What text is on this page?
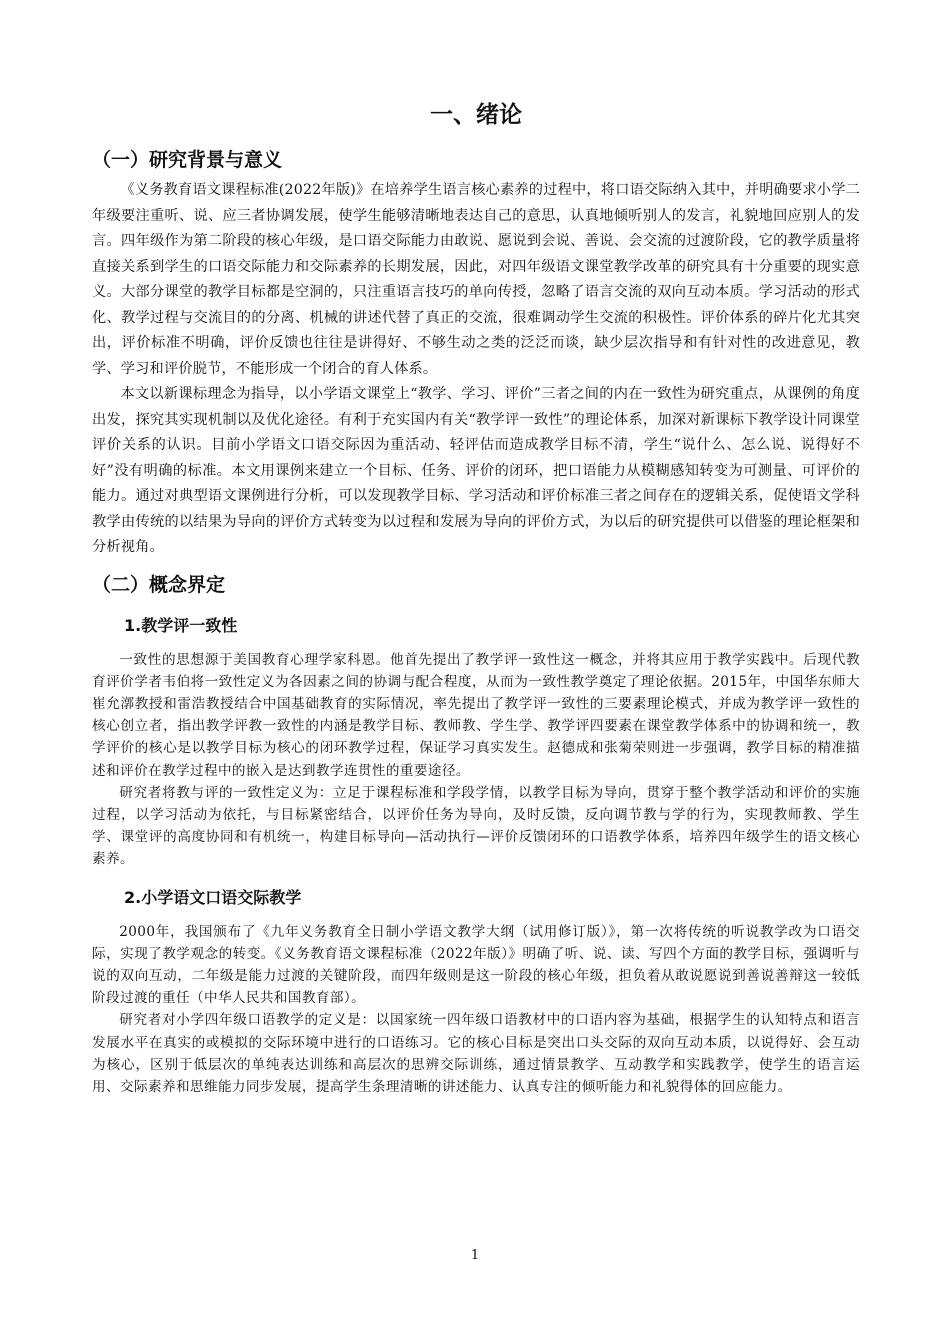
一、绪论
（一）研究背景与意义

《义务教育语文课程标准(2022年版)》在培养学生语言核心素养的过程中，将口语交际纳入其中，并明确要求小学二年级要注重听、说、应三者协调发展，使学生能够清晰地表达自己的意思，认真地倾听别人的发言，礼貌地回应别人的发言。四年级作为第二阶段的核心年级，是口语交际能力由敢说、愿说到会说、善说、会交流的过渡阶段，它的教学质量将直接关系到学生的口语交际能力和交际素养的长期发展，因此，对四年级语文课堂教学改革的研究具有十分重要的现实意义。大部分课堂的教学目标都是空洞的，只注重语言技巧的单向传授，忽略了语言交流的双向互动本质。学习活动的形式化、教学过程与交流目的的分离、机械的讲述代替了真正的交流，很难调动学生交流的积极性。评价体系的碎片化尤其突出，评价标准不明确，评价反馈也往往是讲得好、不够生动之类的泛泛而谈，缺少层次指导和有针对性的改进意见，教学、学习和评价脱节，不能形成一个闭合的育人体系。

本文以新课标理念为指导，以小学语文课堂上“教学、学习、评价”三者之间的内在一致性为研究重点，从课例的角度出发，探究其实现机制以及优化途径。有利于充实国内有关“教学评一致性”的理论体系，加深对新课标下教学设计同课堂评价关系的认识。目前小学语文口语交际因为重活动、轻评估而造成教学目标不清，学生“说什么、怎么说、说得好不好”没有明确的标准。本文用课例来建立一个目标、任务、评价的闭环，把口语能力从模糊感知转变为可测量、可评价的能力。通过对典型语文课例进行分析，可以发现教学目标、学习活动和评价标准三者之间存在的逻辑关系，促使语文学科教学由传统的以结果为导向的评价方式转变为以过程和发展为导向的评价方式，为以后的研究提供可以借鉴的理论框架和分析视角。

（二）概念界定
1.教学评一致性

一致性的思想源于美国教育心理学家科恩。他首先提出了教学评一致性这一概念，并将其应用于教学实践中。后现代教育评价学者韦伯将一致性定义为各因素之间的协调与配合程度，从而为一致性教学奠定了理论依据。2015年，中国华东师大崔允漷教授和雷浩教授结合中国基础教育的实际情况，率先提出了教学评一致性的三要素理论模式，并成为教学评一致性的核心创立者，指出教学评教一致性的内涵是教学目标、教师教、学生学、教学评四要素在课堂教学体系中的协调和统一，教学评价的核心是以教学目标为核心的闭环教学过程，保证学习真实发生。赵德成和张菊荣则进一步强调，教学目标的精准描述和评价在教学过程中的嵌入是达到教学连贯性的重要途径。

研究者将教与评的一致性定义为：立足于课程标准和学段学情，以教学目标为导向，贯穿于整个教学活动和评价的实施过程，以学习活动为依托，与目标紧密结合，以评价任务为导向，及时反馈，反向调节教与学的行为，实现教师教、学生学、课堂评的高度协同和有机统一，构建目标导向—活动执行—评价反馈闭环的口语教学体系，培养四年级学生的语文核心素养。

2.小学语文口语交际教学

2000年，我国颁布了《九年义务教育全日制小学语文教学大纲（试用修订版）》，第一次将传统的听说教学改为口语交际，实现了教学观念的转变。《义务教育语文课程标准（2022年版）》明确了听、说、读、写四个方面的教学目标，强调听与说的双向互动，二年级是能力过渡的关键阶段，而四年级则是这一阶段的核心年级，担负着从敢说愿说到善说善辩这一较低阶段过渡的重任（中华人民共和国教育部）。

研究者对小学四年级口语教学的定义是：以国家统一四年级口语教材中的口语内容为基础，根据学生的认知特点和语言发展水平在真实的或模拟的交际环境中进行的口语练习。它的核心目标是突出口头交际的双向互动本质，以说得好、会互动为核心，区别于低层次的单纯表达训练和高层次的思辨交际训练，通过情景教学、互动教学和实践教学，使学生的语言运用、交际素养和思维能力同步发展，提高学生条理清晰的讲述能力、认真专注的倾听能力和礼貌得体的回应能力。

1
